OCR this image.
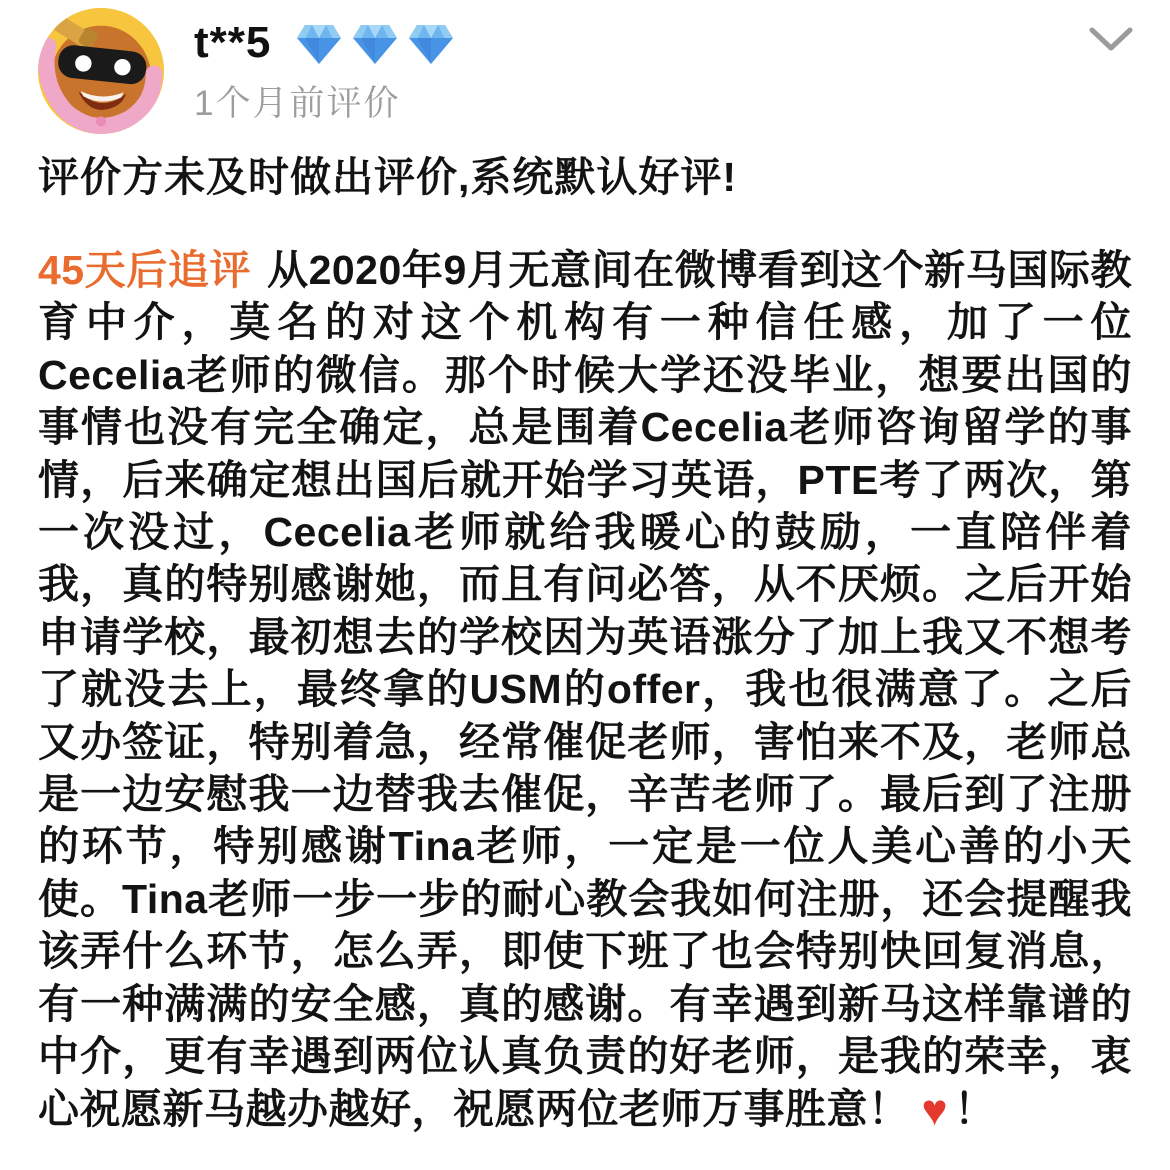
t**5
1个月前评价
评价方未及时做出评价,系统默认好评!
45天后追评 从2020年9月无意间在微博看到这个新马国际教育中介，莫名的对这个机构有一种信任感，加了一位Cecelia老师的微信。那个时候大学还没毕业，想要出国的事情也没有完全确定，总是围着Cecelia老师咨询留学的事情，后来确定想出国后就开始学习英语，PTE考了两次，第一次没过，Cecelia老师就给我暖心的鼓励，一直陪伴着我，真的特别感谢她，而且有问必答，从不厌烦。之后开始申请学校，最初想去的学校因为英语涨分了加上我又不想考了就没去上，最终拿的USM的offer，我也很满意了。之后又办签证，特别着急，经常催促老师，害怕来不及，老师总是一边安慰我一边替我去催促，辛苦老师了。最后到了注册的环节，特别感谢Tina老师，一定是一位人美心善的小天使。Tina老师一步一步的耐心教会我如何注册，还会提醒我该弄什么环节，怎么弄，即使下班了也会特别快回复消息，有一种满满的安全感，真的感谢。有幸遇到新马这样靠谱的中介，更有幸遇到两位认真负责的好老师，是我的荣幸，衷心祝愿新马越办越好，祝愿两位老师万事胜意！ ♥ ！
